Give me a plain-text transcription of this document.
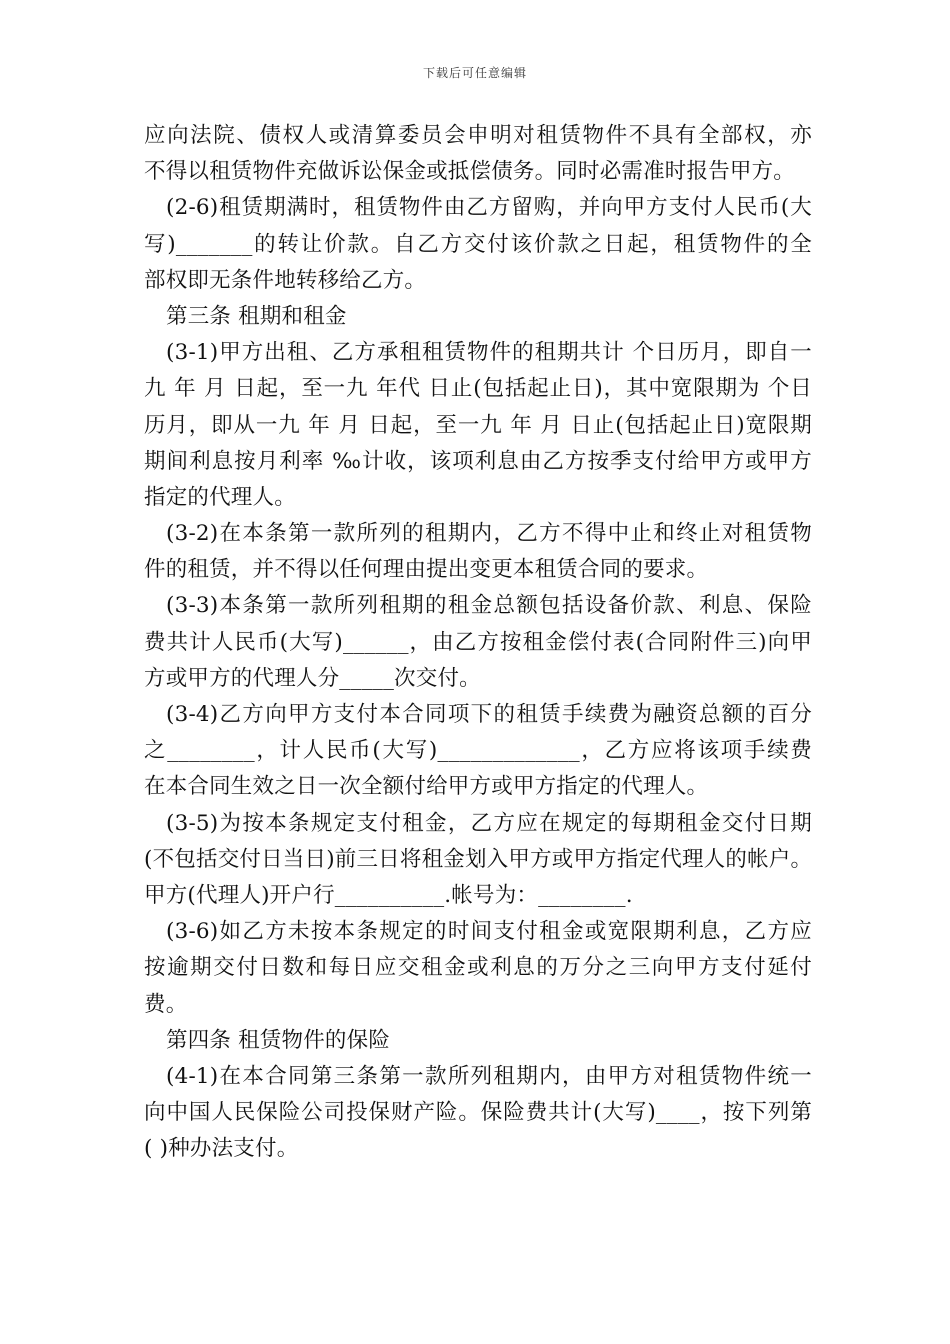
下载后可任意编辑
应向法院、债权人或清算委员会申明对租赁物件不具有全部权，亦
不得以租赁物件充做诉讼保金或抵偿债务。同时必需准时报告甲方。
(2-6)租赁期满时，租赁物件由乙方留购，并向甲方支付人民币(大
写)_______的转让价款。自乙方交付该价款之日起，租赁物件的全
部权即无条件地转移给乙方。
第三条 租期和租金
(3-1)甲方出租、乙方承租租赁物件的租期共计 个日历月，即自一
九 年 月 日起，至一九 年代 日止(包括起止日)，其中宽限期为 个日
历月，即从一九 年 月 日起，至一九 年 月 日止(包括起止日)宽限期
期间利息按月利率 ‰计收，该项利息由乙方按季支付给甲方或甲方
指定的代理人。
(3-2)在本条第一款所列的租期内，乙方不得中止和终止对租赁物
件的租赁，并不得以任何理由提出变更本租赁合同的要求。
(3-3)本条第一款所列租期的租金总额包括设备价款、利息、保险
费共计人民币(大写)______，由乙方按租金偿付表(合同附件三)向甲
方或甲方的代理人分_____次交付。
(3-4)乙方向甲方支付本合同项下的租赁手续费为融资总额的百分
之________，计人民币(大写)_____________，乙方应将该项手续费
在本合同生效之日一次全额付给甲方或甲方指定的代理人。
(3-5)为按本条规定支付租金，乙方应在规定的每期租金交付日期
(不包括交付日当日)前三日将租金划入甲方或甲方指定代理人的帐户。
甲方(代理人)开户行__________.帐号为：________.
(3-6)如乙方未按本条规定的时间支付租金或宽限期利息，乙方应
按逾期交付日数和每日应交租金或利息的万分之三向甲方支付延付
费。
第四条 租赁物件的保险
(4-1)在本合同第三条第一款所列租期内，由甲方对租赁物件统一
向中国人民保险公司投保财产险。保险费共计(大写)____，按下列第
( )种办法支付。
